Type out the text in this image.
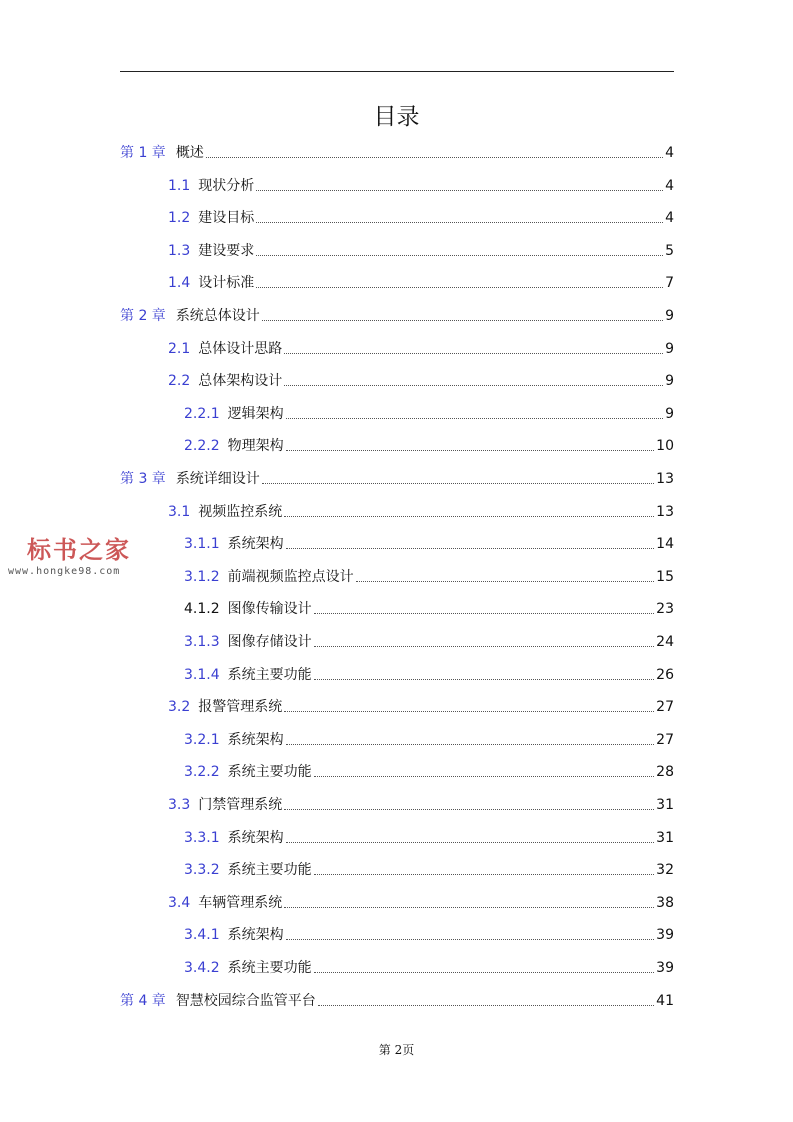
目录
第 1 章 概述	4
1.1 现状分析	4
1.2 建设目标	4
1.3 建设要求	5
1.4 设计标准	7
第 2 章 系统总体设计	9
2.1 总体设计思路	9
2.2 总体架构设计	9
2.2.1 逻辑架构	9
2.2.2 物理架构	10
第 3 章 系统详细设计	13
3.1 视频监控系统	13
3.1.1 系统架构	14
3.1.2 前端视频监控点设计	15
4.1.2 图像传输设计	23
3.1.3 图像存储设计	24
3.1.4 系统主要功能	26
3.2 报警管理系统	27
3.2.1 系统架构	27
3.2.2 系统主要功能	28
3.3 门禁管理系统	31
3.3.1 系统架构	31
3.3.2 系统主要功能	32
3.4 车辆管理系统	38
3.4.1 系统架构	39
3.4.2 系统主要功能	39
第 4 章 智慧校园综合监管平台	41
标书之家
www.hongke98.com
第 2页
